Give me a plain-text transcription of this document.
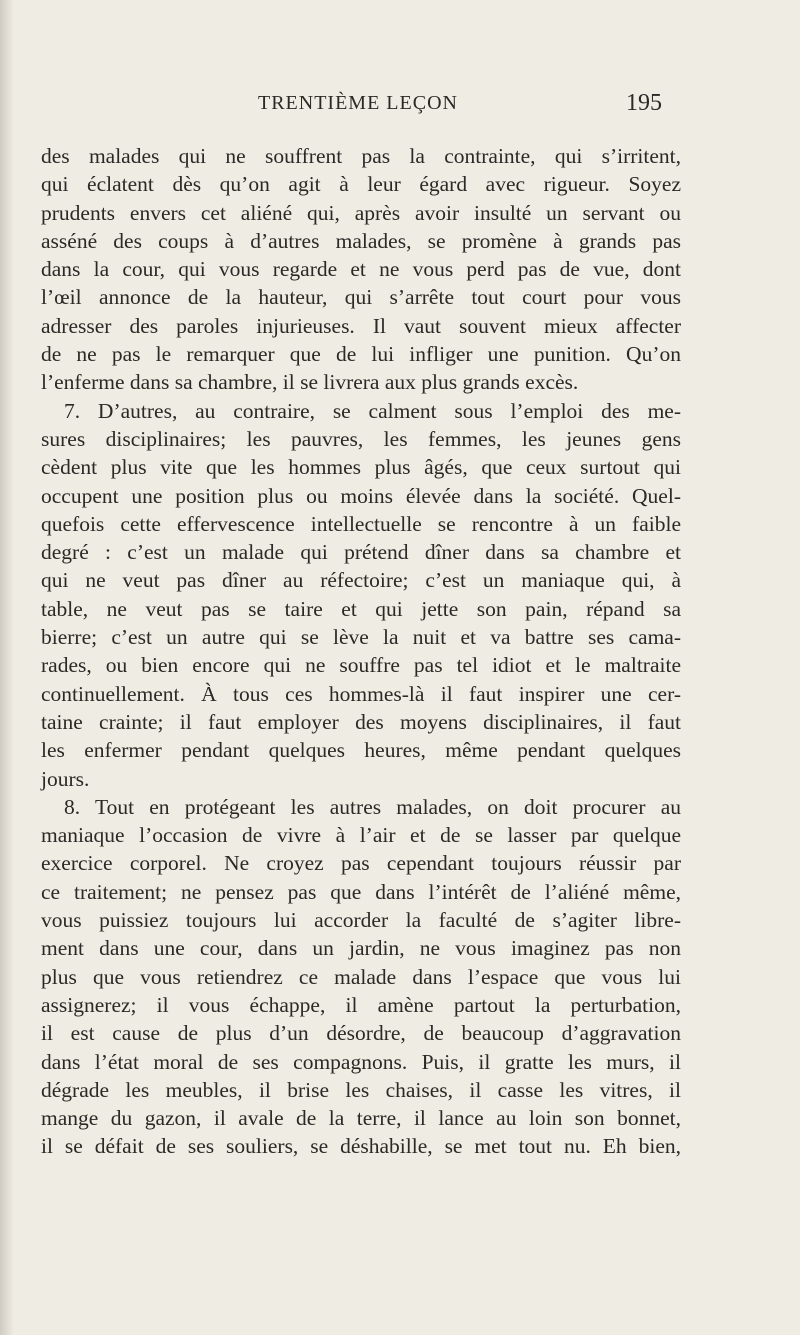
TRENTIÈME LEÇON	195
des malades qui ne souffrent pas la contrainte, qui s’irritent,
qui éclatent dès qu’on agit à leur égard avec rigueur. Soyez
prudents envers cet aliéné qui, après avoir insulté un servant ou
asséné des coups à d’autres malades, se promène à grands pas
dans la cour, qui vous regarde et ne vous perd pas de vue, dont
l’œil annonce de la hauteur, qui s’arrête tout court pour vous
adresser des paroles injurieuses. Il vaut souvent mieux affecter
de ne pas le remarquer que de lui infliger une punition. Qu’on
l’enferme dans sa chambre, il se livrera aux plus grands excès.
7. D’autres, au contraire, se calment sous l’emploi des me-
sures disciplinaires; les pauvres, les femmes, les jeunes gens
cèdent plus vite que les hommes plus âgés, que ceux surtout qui
occupent une position plus ou moins élevée dans la société. Quel-
quefois cette effervescence intellectuelle se rencontre à un faible
degré : c’est un malade qui prétend dîner dans sa chambre et
qui ne veut pas dîner au réfectoire; c’est un maniaque qui, à
table, ne veut pas se taire et qui jette son pain, répand sa
bierre; c’est un autre qui se lève la nuit et va battre ses cama-
rades, ou bien encore qui ne souffre pas tel idiot et le maltraite
continuellement. À tous ces hommes-là il faut inspirer une cer-
taine crainte; il faut employer des moyens disciplinaires, il faut
les enfermer pendant quelques heures, même pendant quelques
jours.
8. Tout en protégeant les autres malades, on doit procurer au
maniaque l’occasion de vivre à l’air et de se lasser par quelque
exercice corporel. Ne croyez pas cependant toujours réussir par
ce traitement; ne pensez pas que dans l’intérêt de l’aliéné même,
vous puissiez toujours lui accorder la faculté de s’agiter libre-
ment dans une cour, dans un jardin, ne vous imaginez pas non
plus que vous retiendrez ce malade dans l’espace que vous lui
assignerez; il vous échappe, il amène partout la perturbation,
il est cause de plus d’un désordre, de beaucoup d’aggravation
dans l’état moral de ses compagnons. Puis, il gratte les murs, il
dégrade les meubles, il brise les chaises, il casse les vitres, il
mange du gazon, il avale de la terre, il lance au loin son bonnet,
il se défait de ses souliers, se déshabille, se met tout nu. Eh bien,
